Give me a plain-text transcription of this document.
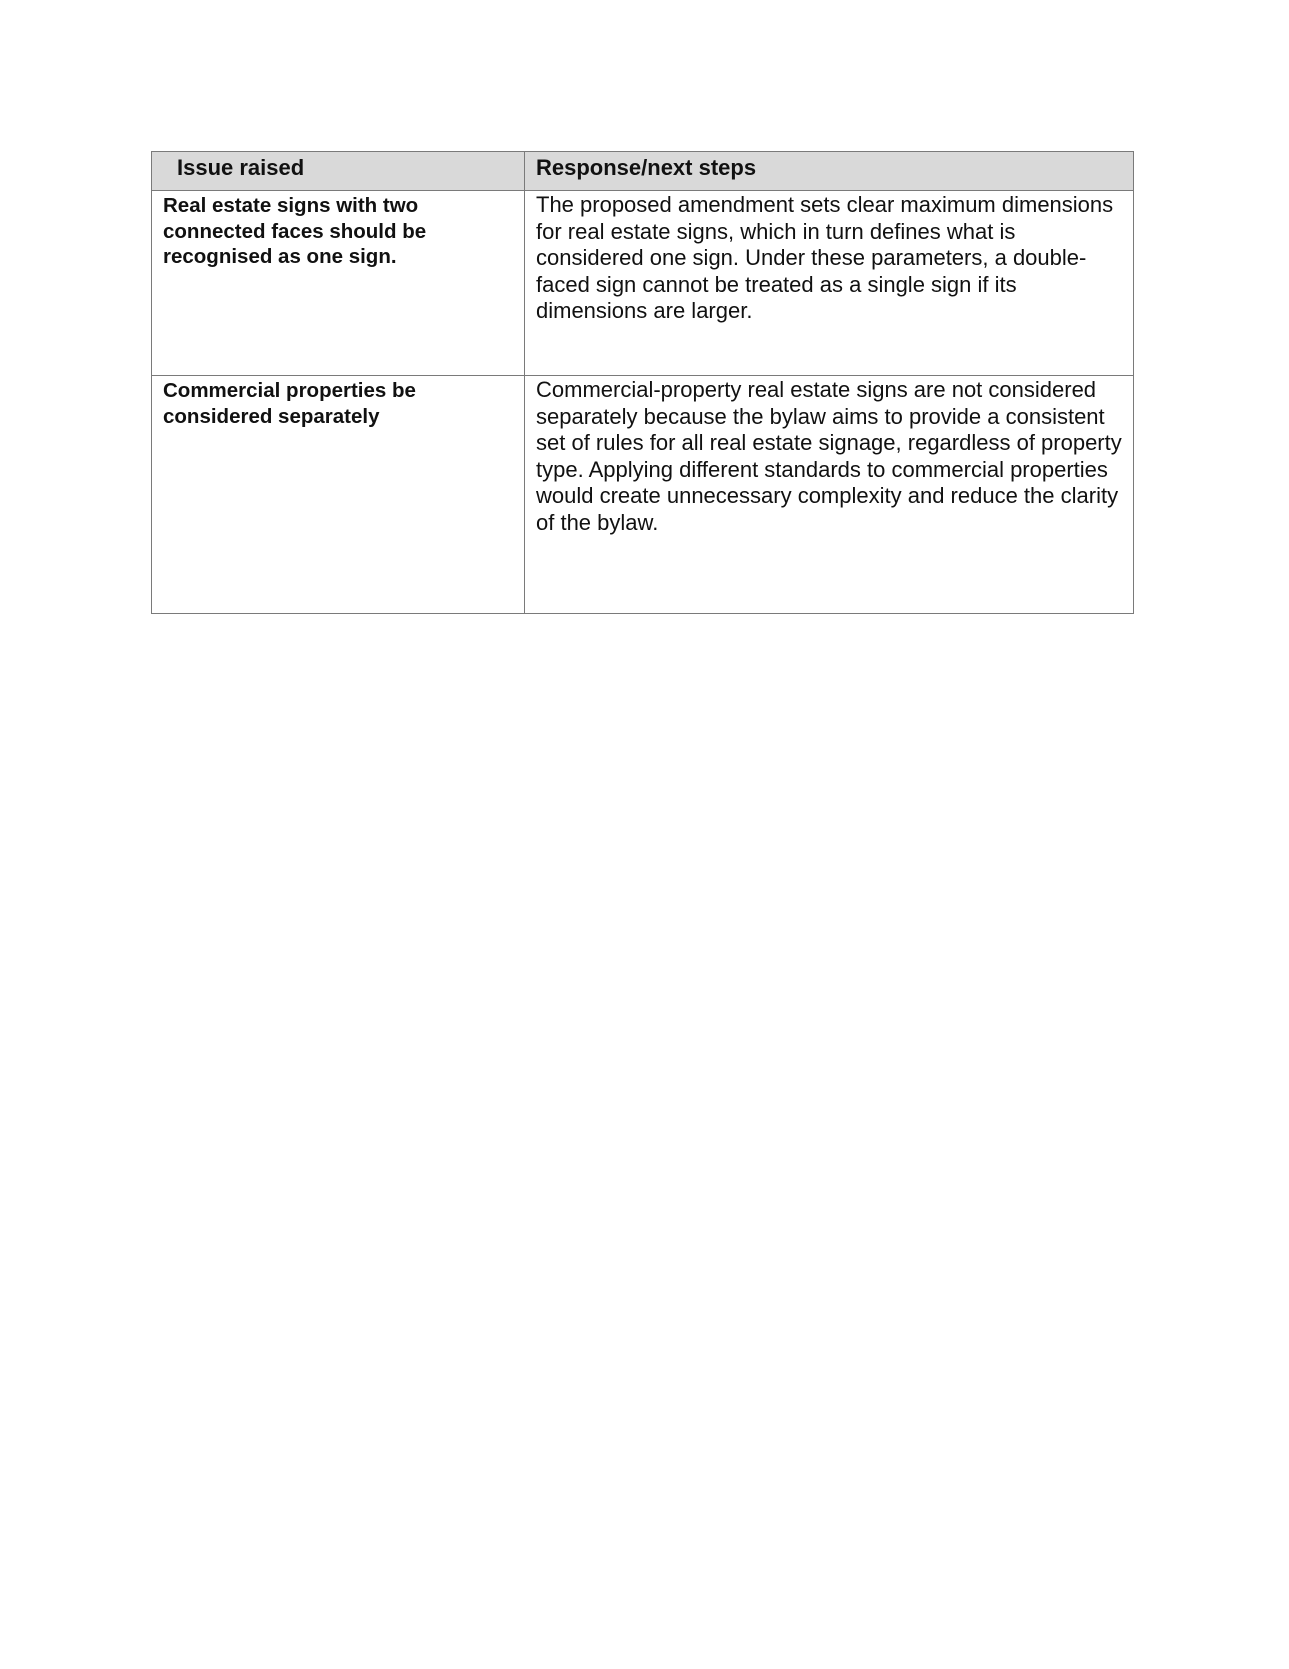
Issue raised	Response/next steps
Real estate signs with two connected faces should be recognised as one sign.	The proposed amendment sets clear maximum dimensions for real estate signs, which in turn defines what is considered one sign. Under these parameters, a double-faced sign cannot be treated as a single sign if its dimensions are larger.
Commercial properties be considered separately	Commercial-property real estate signs are not considered separately because the bylaw aims to provide a consistent set of rules for all real estate signage, regardless of property type. Applying different standards to commercial properties would create unnecessary complexity and reduce the clarity of the bylaw.
